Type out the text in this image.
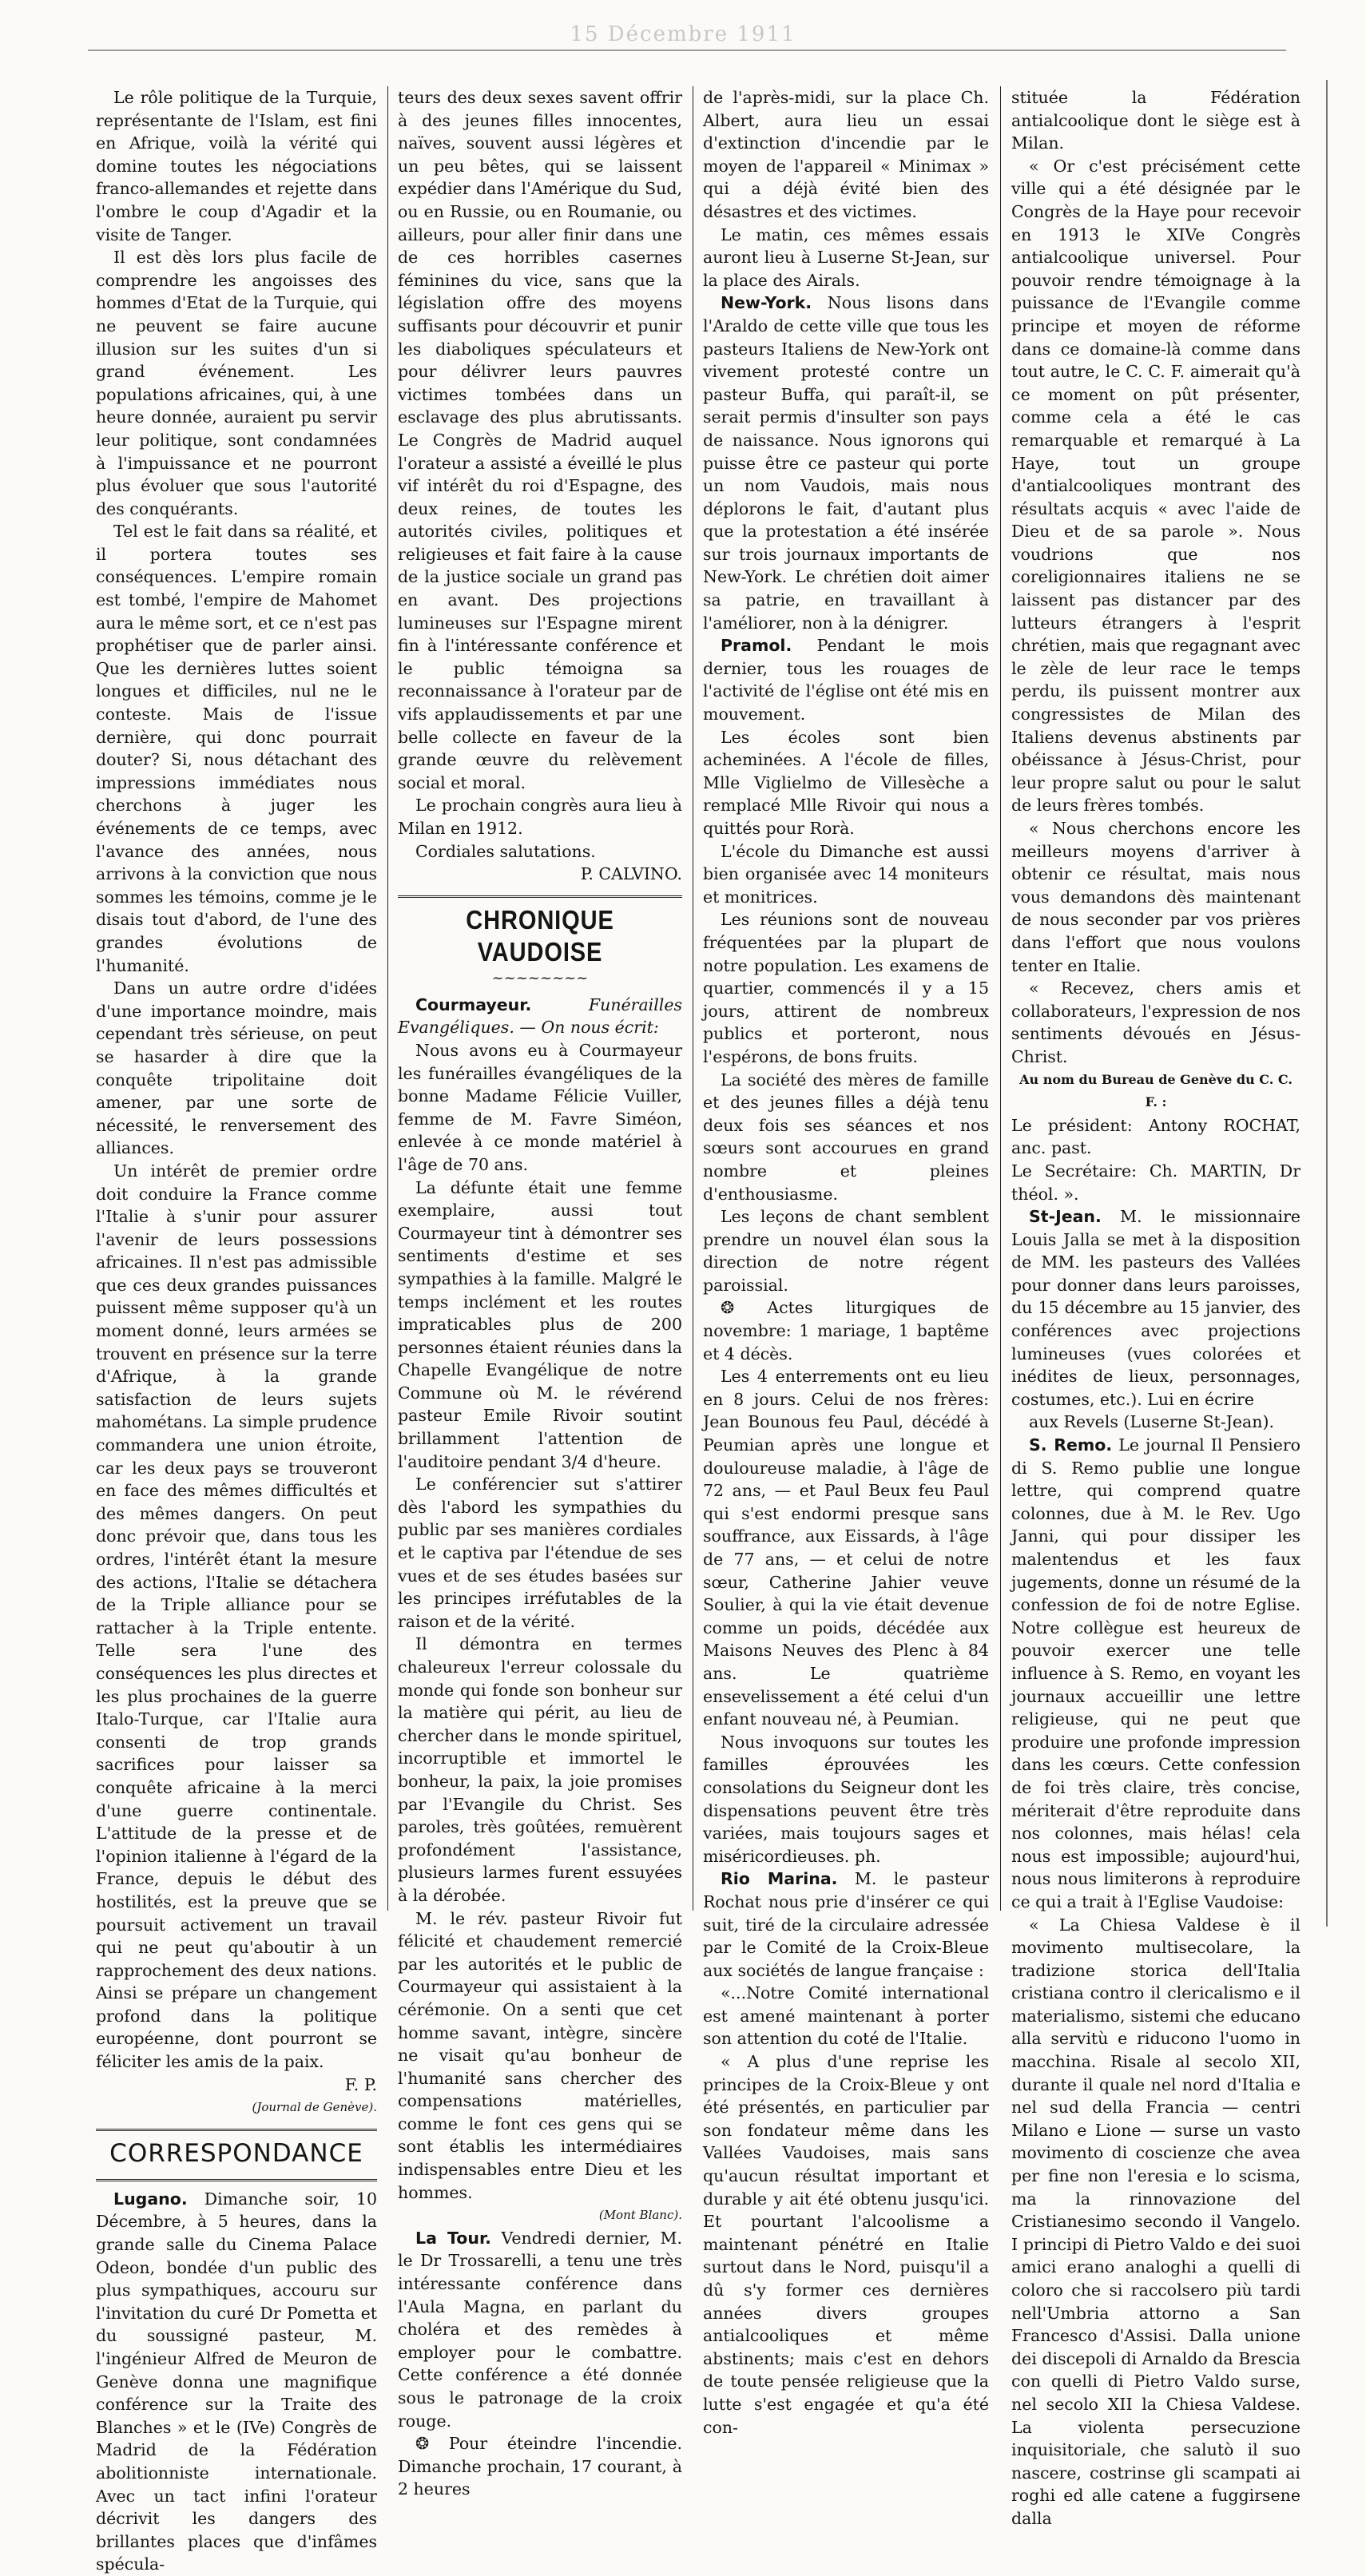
15 Décembre 1911

Le rôle politique de la Turquie, représentante de l'Islam, est fini en Afrique, voilà la vérité qui domine toutes les négociations franco-allemandes et rejette dans l'ombre le coup d'Agadir et la visite de Tanger.

Il est dès lors plus facile de comprendre les angoisses des hommes d'Etat de la Turquie, qui ne peuvent se faire aucune illusion sur les suites d'un si grand événement. Les populations africaines, qui, à une heure donnée, auraient pu servir leur politique, sont condamnées à l'impuissance et ne pourront plus évoluer que sous l'autorité des conquérants.

Tel est le fait dans sa réalité, et il portera toutes ses conséquences. L'empire romain est tombé, l'empire de Mahomet aura le même sort, et ce n'est pas prophétiser que de parler ainsi. Que les dernières luttes soient longues et difficiles, nul ne le conteste. Mais de l'issue dernière, qui donc pourrait douter? Si, nous détachant des impressions immédiates nous cherchons à juger les événements de ce temps, avec l'avance des années, nous arrivons à la conviction que nous sommes les témoins, comme je le disais tout d'abord, de l'une des grandes évolutions de l'humanité.

Dans un autre ordre d'idées d'une importance moindre, mais cependant très sérieuse, on peut se hasarder à dire que la conquête tripolitaine doit amener, par une sorte de nécessité, le renversement des alliances.

Un intérêt de premier ordre doit conduire la France comme l'Italie à s'unir pour assurer l'avenir de leurs possessions africaines. Il n'est pas admissible que ces deux grandes puissances puissent même supposer qu'à un moment donné, leurs armées se trouvent en présence sur la terre d'Afrique, à la grande satisfaction de leurs sujets mahométans. La simple prudence commandera une union étroite, car les deux pays se trouveront en face des mêmes difficultés et des mêmes dangers. On peut donc prévoir que, dans tous les ordres, l'intérêt étant la mesure des actions, l'Italie se détachera de la Triple alliance pour se rattacher à la Triple entente. Telle sera l'une des conséquences les plus directes et les plus prochaines de la guerre Italo-Turque, car l'Italie aura consenti de trop grands sacrifices pour laisser sa conquête africaine à la merci d'une guerre continentale. L'attitude de la presse et de l'opinion italienne à l'égard de la France, depuis le début des hostilités, est la preuve que se poursuit activement un travail qui ne peut qu'aboutir à un rapprochement des deux nations. Ainsi se prépare un changement profond dans la politique européenne, dont pourront se féliciter les amis de la paix.

F. P.

(Journal de Genève).

CORRESPONDANCE

Lugano. Dimanche soir, 10 Décembre, à 5 heures, dans la grande salle du Cinema Palace Odeon, bondée d'un public des plus sympathiques, accouru sur l'invitation du curé Dr Pometta et du soussigné pasteur, M. l'ingénieur Alfred de Meuron de Genève donna une magnifique conférence sur la Traite des Blanches » et le (IVe) Congrès de Madrid de la Fédération abolitionniste internationale. Avec un tact infini l'orateur décrivit les dangers des brillantes places que d'infâmes spécula-

teurs des deux sexes savent offrir à des jeunes filles innocentes, naïves, souvent aussi légères et un peu bêtes, qui se laissent expédier dans l'Amérique du Sud, ou en Russie, ou en Roumanie, ou ailleurs, pour aller finir dans une de ces horribles casernes féminines du vice, sans que la législation offre des moyens suffisants pour découvrir et punir les diaboliques spéculateurs et pour délivrer leurs pauvres victimes tombées dans un esclavage des plus abrutissants. Le Congrès de Madrid auquel l'orateur a assisté a éveillé le plus vif intérêt du roi d'Espagne, des deux reines, de toutes les autorités civiles, politiques et religieuses et fait faire à la cause de la justice sociale un grand pas en avant. Des projections lumineuses sur l'Espagne mirent fin à l'intéressante conférence et le public témoigna sa reconnaissance à l'orateur par de vifs applaudissements et par une belle collecte en faveur de la grande œuvre du relèvement social et moral.

Le prochain congrès aura lieu à Milan en 1912.

Cordiales salutations.

P. CALVINO.

CHRONIQUE VAUDOISE
~~~~~~~~

Courmayeur. Funérailles Evangéliques. — On nous écrit:

Nous avons eu à Courmayeur les funérailles évangéliques de la bonne Madame Félicie Vuiller, femme de M. Favre Siméon, enlevée à ce monde matériel à l'âge de 70 ans.

La défunte était une femme exemplaire, aussi tout Courmayeur tint à démontrer ses sentiments d'estime et ses sympathies à la famille. Malgré le temps inclément et les routes impraticables plus de 200 personnes étaient réunies dans la Chapelle Evangélique de notre Commune où M. le révérend pasteur Emile Rivoir soutint brillamment l'attention de l'auditoire pendant 3/4 d'heure.

Le conférencier sut s'attirer dès l'abord les sympathies du public par ses manières cordiales et le captiva par l'étendue de ses vues et de ses études basées sur les principes irréfutables de la raison et de la vérité.

Il démontra en termes chaleureux l'erreur colossale du monde qui fonde son bonheur sur la matière qui périt, au lieu de chercher dans le monde spirituel, incorruptible et immortel le bonheur, la paix, la joie promises par l'Evangile du Christ. Ses paroles, très goûtées, remuèrent profondément l'assistance, plusieurs larmes furent essuyées à la dérobée.

M. le rév. pasteur Rivoir fut félicité et chaudement remercié par les autorités et le public de Courmayeur qui assistaient à la cérémonie. On a senti que cet homme savant, intègre, sincère ne visait qu'au bonheur de l'humanité sans chercher des compensations matérielles, comme le font ces gens qui se sont établis les intermédiaires indispensables entre Dieu et les hommes.

(Mont Blanc).

La Tour. Vendredi dernier, M. le Dr Trossarelli, a tenu une très intéressante conférence dans l'Aula Magna, en parlant du choléra et des remèdes à employer pour le combattre. Cette conférence a été donnée sous le patronage de la croix rouge.

❂ Pour éteindre l'incendie. Dimanche prochain, 17 courant, à 2 heures

de l'après-midi, sur la place Ch. Albert, aura lieu un essai d'extinction d'incendie par le moyen de l'appareil « Minimax » qui a déjà évité bien des désastres et des victimes.

Le matin, ces mêmes essais auront lieu à Luserne St-Jean, sur la place des Airals.

New-York. Nous lisons dans l'Araldo de cette ville que tous les pasteurs Italiens de New-York ont vivement protesté contre un pasteur Buffa, qui paraît-il, se serait permis d'insulter son pays de naissance. Nous ignorons qui puisse être ce pasteur qui porte un nom Vaudois, mais nous déplorons le fait, d'autant plus que la protestation a été insérée sur trois journaux importants de New-York. Le chrétien doit aimer sa patrie, en travaillant à l'améliorer, non à la dénigrer.

Pramol. Pendant le mois dernier, tous les rouages de l'activité de l'église ont été mis en mouvement.

Les écoles sont bien acheminées. A l'école de filles, Mlle Viglielmo de Villesèche a remplacé Mlle Rivoir qui nous a quittés pour Rorà.

L'école du Dimanche est aussi bien organisée avec 14 moniteurs et monitrices.

Les réunions sont de nouveau fréquentées par la plupart de notre population. Les examens de quartier, commencés il y a 15 jours, attirent de nombreux publics et porteront, nous l'espérons, de bons fruits.

La société des mères de famille et des jeunes filles a déjà tenu deux fois ses séances et nos sœurs sont accourues en grand nombre et pleines d'enthousiasme.

Les leçons de chant semblent prendre un nouvel élan sous la direction de notre régent paroissial.

❂ Actes liturgiques de novembre: 1 mariage, 1 baptême et 4 décès.

Les 4 enterrements ont eu lieu en 8 jours. Celui de nos frères: Jean Bounous feu Paul, décédé à Peumian après une longue et douloureuse maladie, à l'âge de 72 ans, — et Paul Beux feu Paul qui s'est endormi presque sans souffrance, aux Eissards, à l'âge de 77 ans, — et celui de notre sœur, Catherine Jahier veuve Soulier, à qui la vie était devenue comme un poids, décédée aux Maisons Neuves des Plenc à 84 ans. Le quatrième ensevelissement a été celui d'un enfant nouveau né, à Peumian.

Nous invoquons sur toutes les familles éprouvées les consolations du Seigneur dont les dispensations peuvent être très variées, mais toujours sages et miséricordieuses. ph.

Rio Marina. M. le pasteur Rochat nous prie d'insérer ce qui suit, tiré de la circulaire adressée par le Comité de la Croix-Bleue aux sociétés de langue française :

«...Notre Comité international est amené maintenant à porter son attention du coté de l'Italie.

« A plus d'une reprise les principes de la Croix-Bleue y ont été présentés, en particulier par son fondateur même dans les Vallées Vaudoises, mais sans qu'aucun résultat important et durable y ait été obtenu jusqu'ici. Et pourtant l'alcoolisme a maintenant pénétré en Italie surtout dans le Nord, puisqu'il a dû s'y former ces dernières années divers groupes antialcooliques et même abstinents; mais c'est en dehors de toute pensée religieuse que la lutte s'est engagée et qu'a été con-

stituée la Fédération antialcoolique dont le siège est à Milan.

« Or c'est précisément cette ville qui a été désignée par le Congrès de la Haye pour recevoir en 1913 le XIVe Congrès antialcoolique universel. Pour pouvoir rendre témoignage à la puissance de l'Evangile comme principe et moyen de réforme dans ce domaine-là comme dans tout autre, le C. C. F. aimerait qu'à ce moment on pût présenter, comme cela a été le cas remarquable et remarqué à La Haye, tout un groupe d'antialcooliques montrant des résultats acquis « avec l'aide de Dieu et de sa parole ». Nous voudrions que nos coreligionnaires italiens ne se laissent pas distancer par des lutteurs étrangers à l'esprit chrétien, mais que regagnant avec le zèle de leur race le temps perdu, ils puissent montrer aux congressistes de Milan des Italiens devenus abstinents par obéissance à Jésus-Christ, pour leur propre salut ou pour le salut de leurs frères tombés.

« Nous cherchons encore les meilleurs moyens d'arriver à obtenir ce résultat, mais nous vous demandons dès maintenant de nous seconder par vos prières dans l'effort que nous voulons tenter en Italie.

« Recevez, chers amis et collaborateurs, l'expression de nos sentiments dévoués en Jésus-Christ.

Au nom du Bureau de Genève du C. C. F. :

Le président: Antony ROCHAT, anc. past.

Le Secrétaire: Ch. MARTIN, Dr théol. ».

St-Jean. M. le missionnaire Louis Jalla se met à la disposition de MM. les pasteurs des Vallées pour donner dans leurs paroisses, du 15 décembre au 15 janvier, des conférences avec projections lumineuses (vues colorées et inédites de lieux, personnages, costumes, etc.). Lui en écrire

aux Revels (Luserne St-Jean).

S. Remo. Le journal Il Pensiero di S. Remo publie une longue lettre, qui comprend quatre colonnes, due à M. le Rev. Ugo Janni, qui pour dissiper les malentendus et les faux jugements, donne un résumé de la confession de foi de notre Eglise. Notre collègue est heureux de pouvoir exercer une telle influence à S. Remo, en voyant les journaux accueillir une lettre religieuse, qui ne peut que produire une profonde impression dans les cœurs. Cette confession de foi très claire, très concise, mériterait d'être reproduite dans nos colonnes, mais hélas! cela nous est impossible; aujourd'hui, nous nous limiterons à reproduire ce qui a trait à l'Eglise Vaudoise:

« La Chiesa Valdese è il movimento multisecolare, la tradizione storica dell'Italia cristiana contro il clericalismo e il materialismo, sistemi che educano alla servitù e riducono l'uomo in macchina. Risale al secolo XII, durante il quale nel nord d'Italia e nel sud della Francia — centri Milano e Lione — surse un vasto movimento di coscienze che avea per fine non l'eresia e lo scisma, ma la rinnovazione del Cristianesimo secondo il Vangelo. I principi di Pietro Valdo e dei suoi amici erano analoghi a quelli di coloro che si raccolsero più tardi nell'Umbria attorno a San Francesco d'Assisi. Dalla unione dei discepoli di Arnaldo da Brescia con quelli di Pietro Valdo surse, nel secolo XII la Chiesa Valdese. La violenta persecuzione inquisitoriale, che salutò il suo nascere, costrinse gli scampati ai roghi ed alle catene a fuggirsene dalla
